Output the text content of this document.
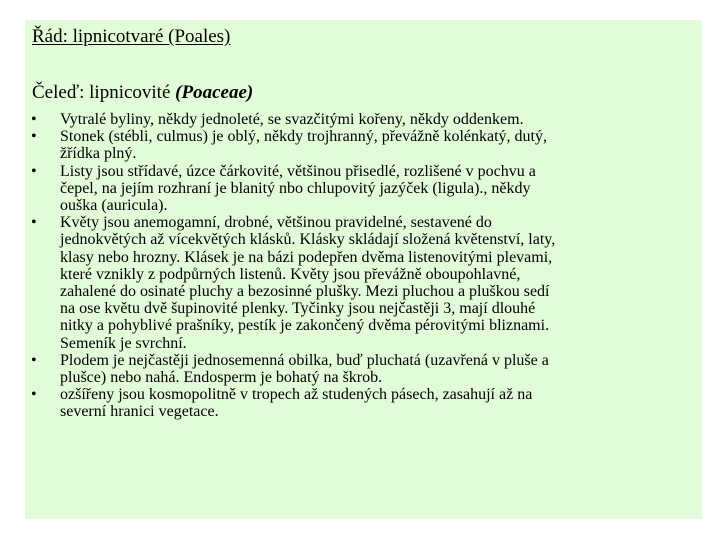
Řád: lipnicotvaré (Poales)
Čeleď: lipnicovité (Poaceae)
• Vytralé byliny, někdy jednoleté, se svazčitými kořeny, někdy oddenkem.
• Stonek (stébli, culmus) je oblý, někdy trojhranný, převážně kolénkatý, dutý,
žřídka plný.
• Listy jsou střídavé, úzce čárkovité, většinou přisedlé, rozlišené v pochvu a
čepel, na jejím rozhraní je blanitý nbo chlupovitý jazýček (ligula)., někdy
ouška (auricula).
• Květy jsou anemogamní, drobné, většinou pravidelné, sestavené do
jednokvětých až vícekvětých klásků. Klásky skládají složená květenství, laty,
klasy nebo hrozny. Klásek je na bázi podepřen dvěma listenovitými plevami,
které vznikly z podpůrných listenů. Květy jsou převážně oboupohlavné,
zahalené do osinaté pluchy a bezosinné plušky. Mezi pluchou a pluškou sedí
na ose květu dvě šupinovité plenky. Tyčinky jsou nejčastěji 3, mají dlouhé
nitky a pohyblivé prašníky, pestík je zakončený dvěma pérovitými bliznami.
Semeník je svrchní.
• Plodem je nejčastěji jednosemenná obilka, buď pluchatá (uzavřená v pluše a
plušce) nebo nahá. Endosperm je bohatý na škrob.
• ozšířeny jsou kosmopolitně v tropech až studených pásech, zasahují až na
severní hranici vegetace.
